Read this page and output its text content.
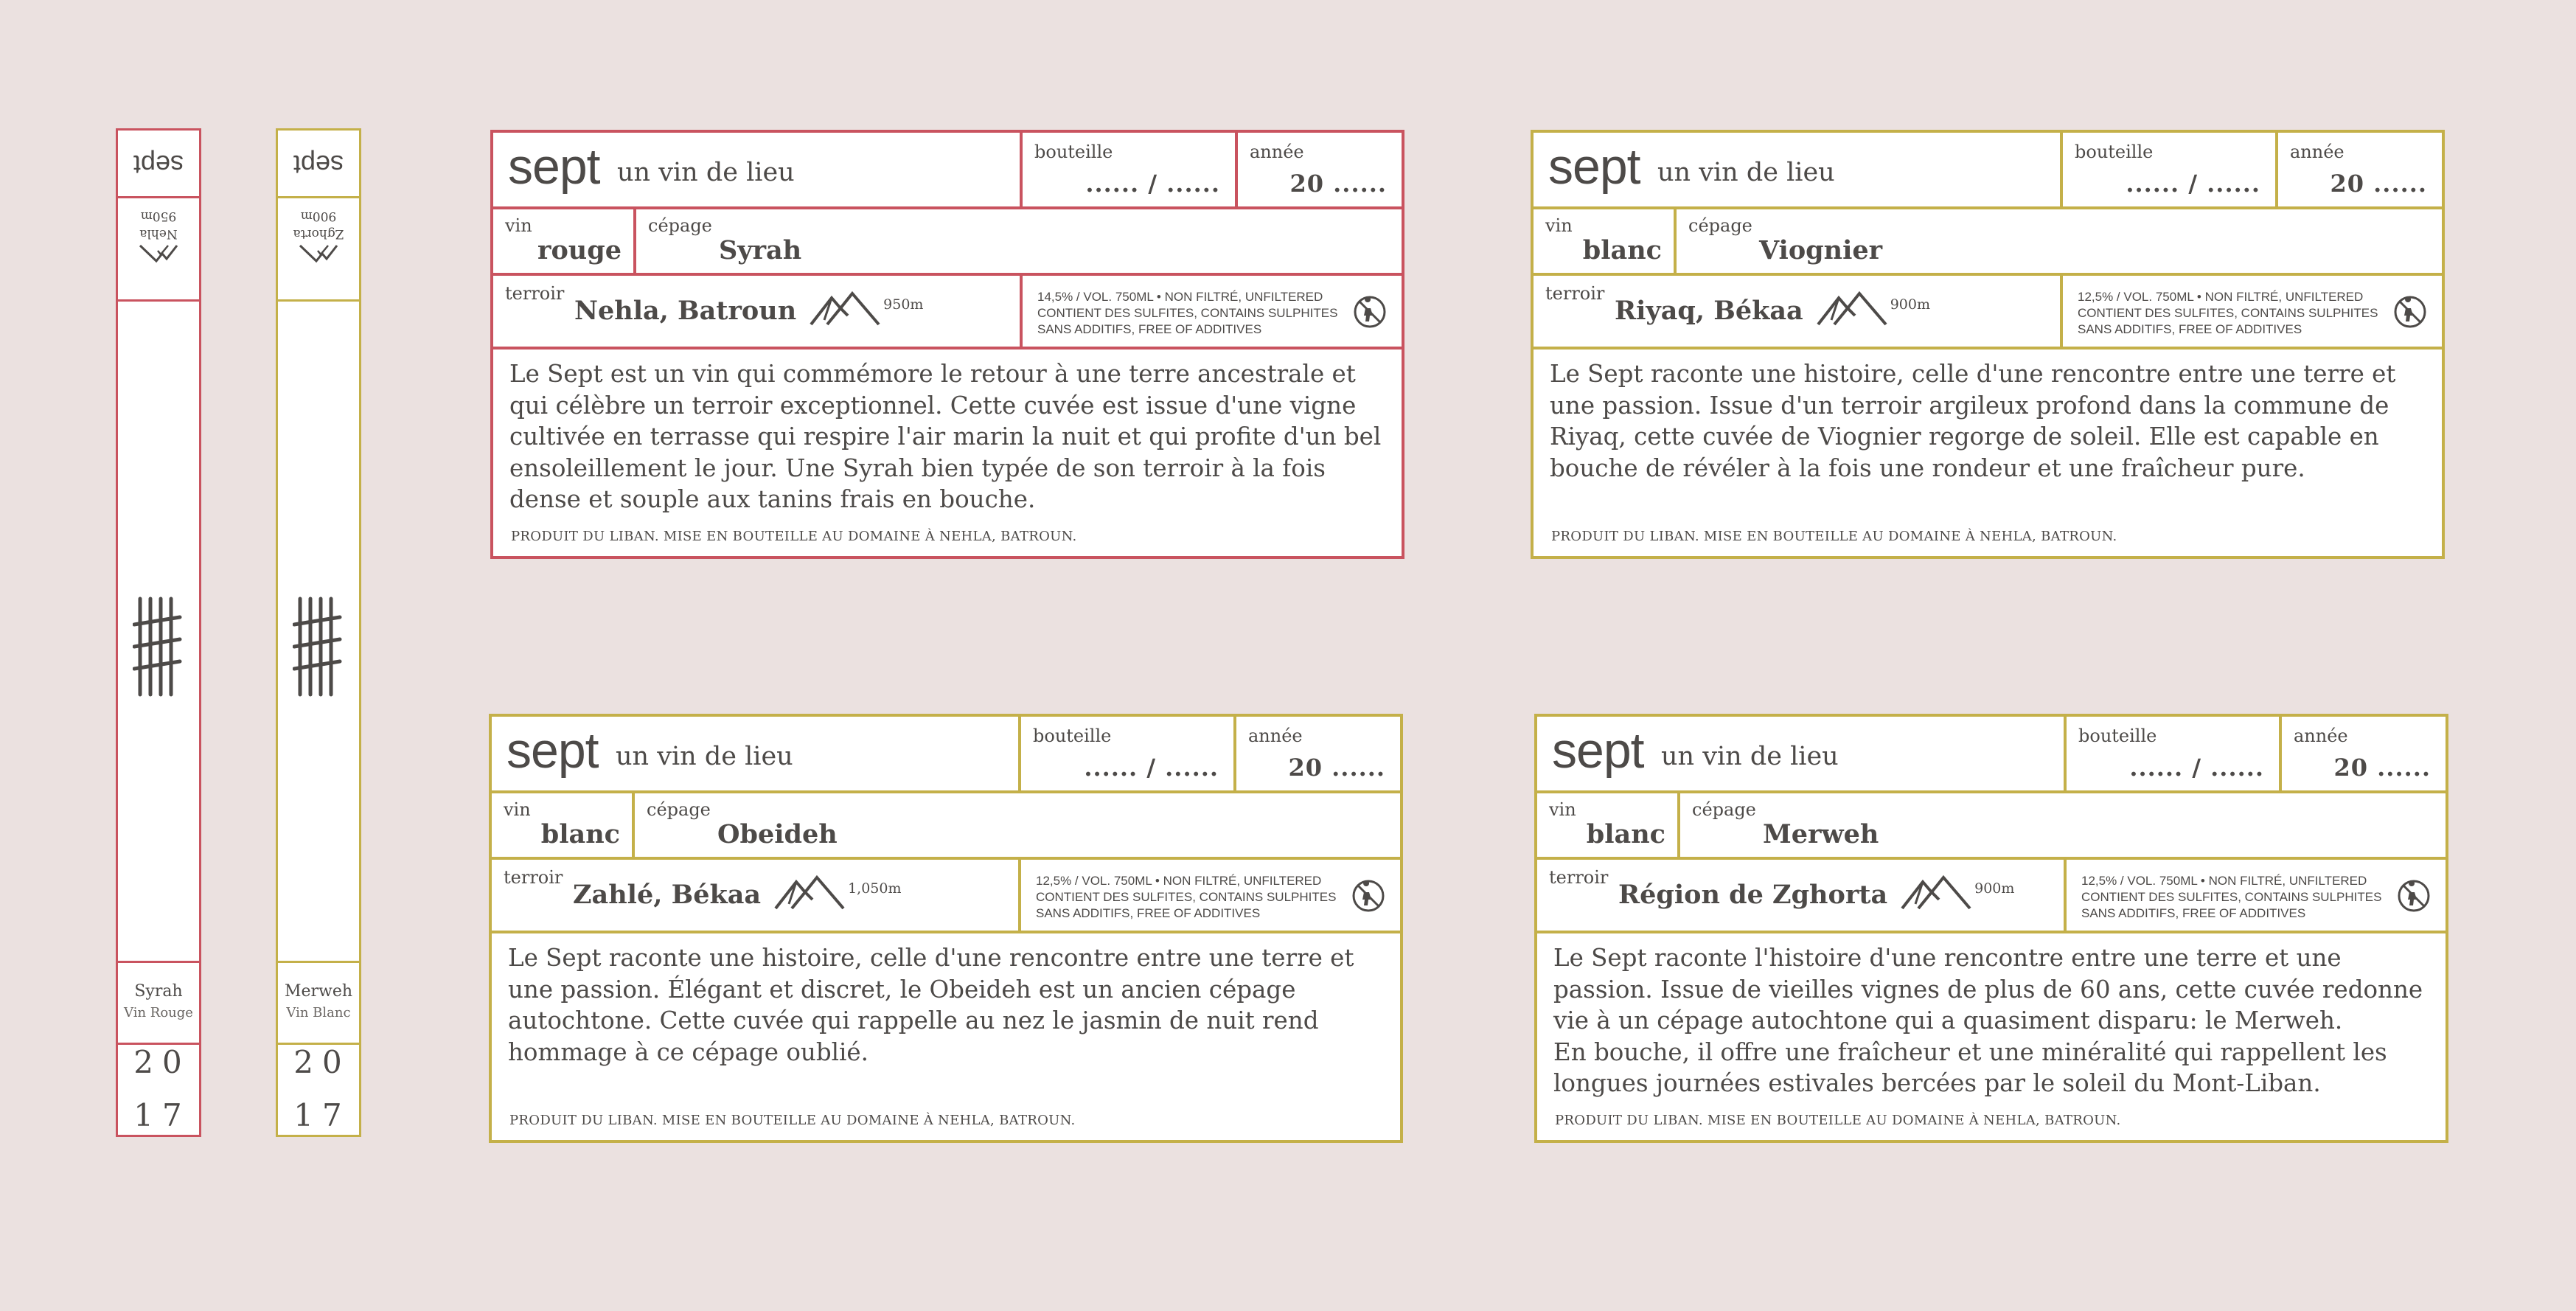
sept
Nehla
950m
Syrah
Vin Rouge
20
17
sept
Zghorta
900m
Merweh
Vin Blanc
20
17
sept un vin de lieu
bouteille
...... / ......
année
20 ......
vin
rouge
cépage
Syrah
terroir
Nehla, Batroun	950m	14,5% / VOL. 750ML • NON FILTRÉ, UNFILTERED
CONTIENT DES SULFITES, CONTAINS SULPHITES
SANS ADDITIFS, FREE OF ADDITIVES
Le Sept est un vin qui commémore le retour à une terre ancestrale et qui célèbre un terroir exceptionnel. Cette cuvée est issue d'une vigne cultivée en terrasse qui respire l'air marin la nuit et qui profite d'un bel ensoleillement le jour. Une Syrah bien typée de son terroir à la fois dense et souple aux tanins frais en bouche.
PRODUIT DU LIBAN. MISE EN BOUTEILLE AU DOMAINE À NEHLA, BATROUN.
sept un vin de lieu
bouteille
...... / ......
année
20 ......
vin
blanc
cépage
Viognier
terroir
Riyaq, Békaa	900m	12,5% / VOL. 750ML • NON FILTRÉ, UNFILTERED
CONTIENT DES SULFITES, CONTAINS SULPHITES
SANS ADDITIFS, FREE OF ADDITIVES
Le Sept raconte une histoire, celle d'une rencontre entre une terre et une passion. Issue d'un terroir argileux profond dans la commune de Riyaq, cette cuvée de Viognier regorge de soleil. Elle est capable en bouche de révéler à la fois une rondeur et une fraîcheur pure.
PRODUIT DU LIBAN. MISE EN BOUTEILLE AU DOMAINE À NEHLA, BATROUN.
sept un vin de lieu
bouteille
...... / ......
année
20 ......
vin
blanc
cépage
Obeideh
terroir
Zahlé, Békaa	1,050m	12,5% / VOL. 750ML • NON FILTRÉ, UNFILTERED
CONTIENT DES SULFITES, CONTAINS SULPHITES
SANS ADDITIFS, FREE OF ADDITIVES
Le Sept raconte une histoire, celle d'une rencontre entre une terre et une passion. Élégant et discret, le Obeideh est un ancien cépage autochtone. Cette cuvée qui rappelle au nez le jasmin de nuit rend hommage à ce cépage oublié.
PRODUIT DU LIBAN. MISE EN BOUTEILLE AU DOMAINE À NEHLA, BATROUN.
sept un vin de lieu
bouteille
...... / ......
année
20 ......
vin
blanc
cépage
Merweh
terroir
Région de Zghorta	900m	12,5% / VOL. 750ML • NON FILTRÉ, UNFILTERED
CONTIENT DES SULFITES, CONTAINS SULPHITES
SANS ADDITIFS, FREE OF ADDITIVES
Le Sept raconte l'histoire d'une rencontre entre une terre et une passion. Issue de vieilles vignes de plus de 60 ans, cette cuvée redonne vie à un cépage autochtone qui a quasiment disparu: le Merweh.
En bouche, il offre une fraîcheur et une minéralité qui rappellent les longues journées estivales bercées par le soleil du Mont-Liban.
PRODUIT DU LIBAN. MISE EN BOUTEILLE AU DOMAINE À NEHLA, BATROUN.
